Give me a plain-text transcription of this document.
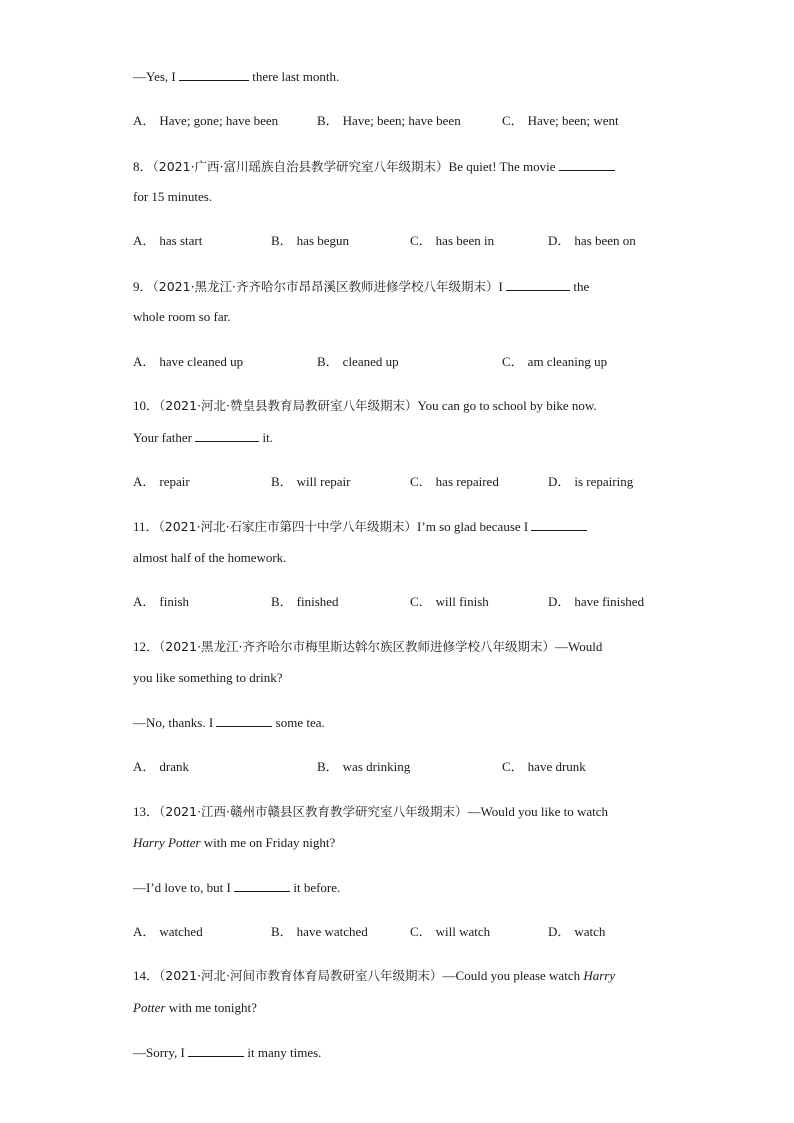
—Yes, I	there last month.
A． Have; gone; have been	B． Have; been; have been	C． Have; been; went
8．（2021·广西·富川瑶族自治县教学研究室八年级期末）Be quiet! The movie
for 15 minutes.
A． has start	B． has begun	C． has been in	D． has been on
9．（2021·黑龙江·齐齐哈尔市昂昂溪区教师进修学校八年级期末）I	the
whole room so far.
A． have cleaned up	B． cleaned up	C． am cleaning up
10．（2021·河北·赞皇县教育局教研室八年级期末）You can go to school by bike now.
Your father	it.
A． repair	B． will repair	C． has repaired	D． is repairing
11．（2021·河北·石家庄市第四十中学八年级期末）I’m so glad because I
almost half of the homework.
A． finish	B． finished	C． will finish	D． have finished
12．（2021·黑龙江·齐齐哈尔市梅里斯达斡尔族区教师进修学校八年级期末）—Would
you like something to drink?
—No, thanks. I	some tea.
A． drank	B． was drinking	C． have drunk
13．（2021·江西·赣州市赣县区教育教学研究室八年级期末）—Would you like to watch
Harry Potter with me on Friday night?
—I’d love to, but I	it before.
A． watched	B． have watched	C． will watch	D． watch
14．（2021·河北·河间市教育体育局教研室八年级期末）—Could you please watch Harry
Potter with me tonight?
—Sorry, I	it many times.
